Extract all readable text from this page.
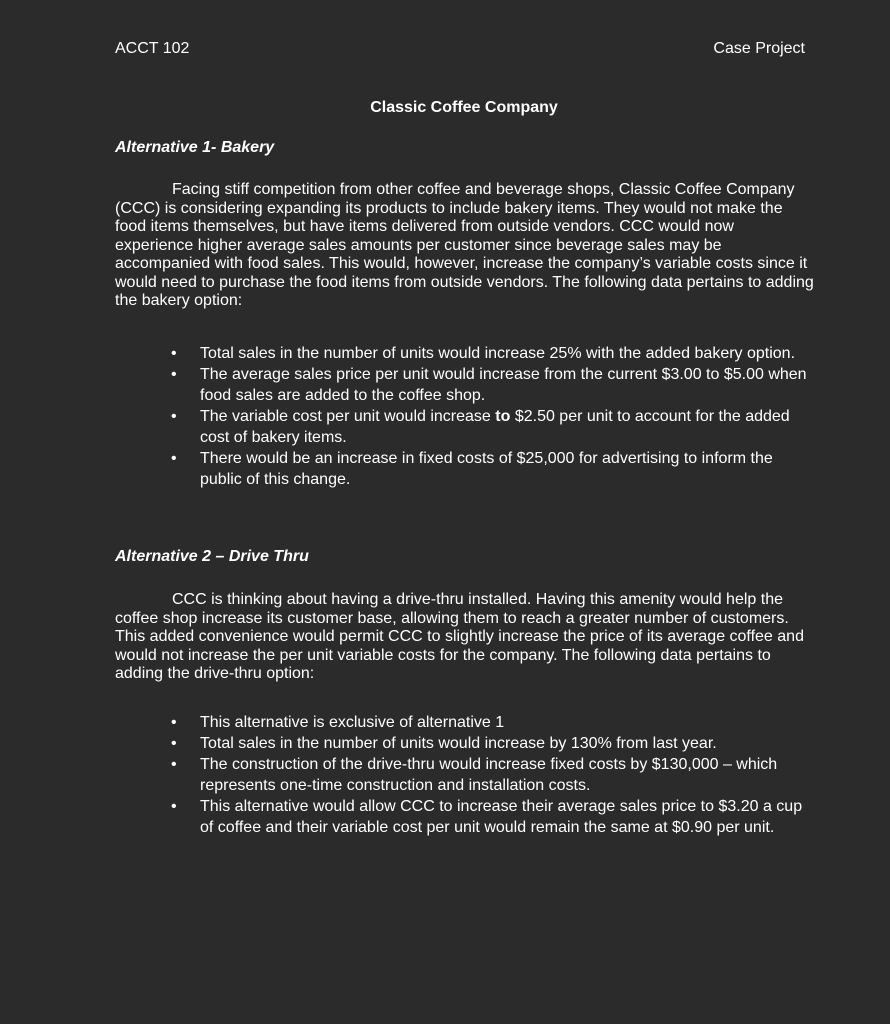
ACCT 102	Case Project
Classic Coffee Company
Alternative 1- Bakery
Facing stiff competition from other coffee and beverage shops, Classic Coffee Company (CCC) is considering expanding its products to include bakery items. They would not make the food items themselves, but have items delivered from outside vendors. CCC would now experience higher average sales amounts per customer since beverage sales may be accompanied with food sales. This would, however, increase the company’s variable costs since it would need to purchase the food items from outside vendors. The following data pertains to adding the bakery option:
• Total sales in the number of units would increase 25% with the added bakery option.
• The average sales price per unit would increase from the current $3.00 to $5.00 when food sales are added to the coffee shop.
• The variable cost per unit would increase to $2.50 per unit to account for the added cost of bakery items.
• There would be an increase in fixed costs of $25,000 for advertising to inform the public of this change.
Alternative 2 – Drive Thru
CCC is thinking about having a drive-thru installed. Having this amenity would help the coffee shop increase its customer base, allowing them to reach a greater number of customers. This added convenience would permit CCC to slightly increase the price of its average coffee and would not increase the per unit variable costs for the company. The following data pertains to adding the drive-thru option:
• This alternative is exclusive of alternative 1
• Total sales in the number of units would increase by 130% from last year.
• The construction of the drive-thru would increase fixed costs by $130,000 – which represents one-time construction and installation costs.
• This alternative would allow CCC to increase their average sales price to $3.20 a cup of coffee and their variable cost per unit would remain the same at $0.90 per unit.
